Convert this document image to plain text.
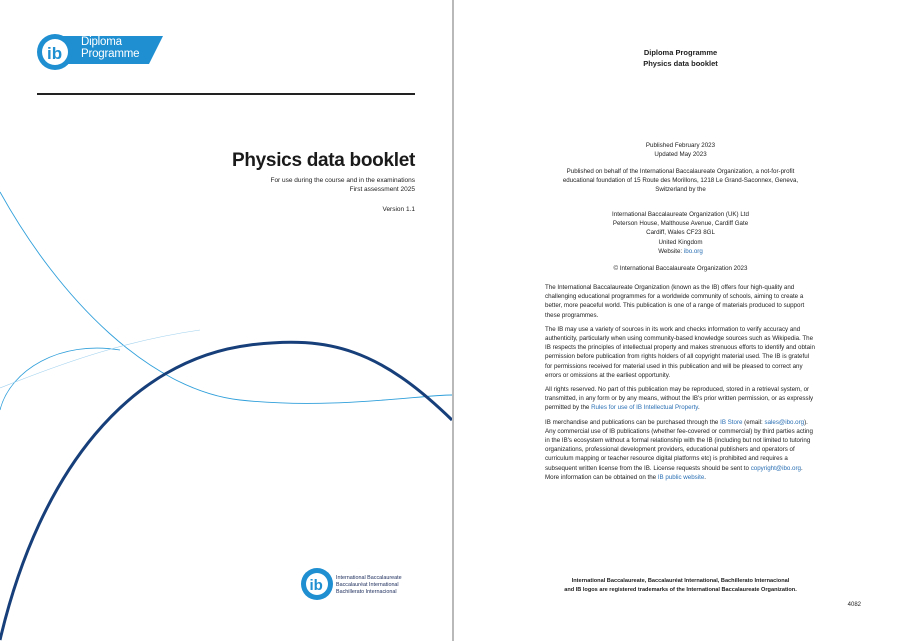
ib
Diploma
Programme
Physics data booklet
For use during the course and in the examinations
First assessment 2025
Version 1.1
ib International Baccalaureate
Baccalauréat International
Bachillerato Internacional
Diploma Programme
Physics data booklet
Published February 2023
Updated May 2023
Published on behalf of the International Baccalaureate Organization, a not-for-profit
educational foundation of 15 Route des Morillons, 1218 Le Grand-Saconnex, Geneva,
Switzerland by the
International Baccalaureate Organization (UK) Ltd
Peterson House, Malthouse Avenue, Cardiff Gate
Cardiff, Wales CF23 8GL
United Kingdom
Website: ibo.org
© International Baccalaureate Organization 2023

The International Baccalaureate Organization (known as the IB) offers four high-quality and challenging educational programmes for a worldwide community of schools, aiming to create a better, more peaceful world. This publication is one of a range of materials produced to support these programmes.

The IB may use a variety of sources in its work and checks information to verify accuracy and authenticity, particularly when using community-based knowledge sources such as Wikipedia. The IB respects the principles of intellectual property and makes strenuous efforts to identify and obtain permission before publication from rights holders of all copyright material used. The IB is grateful for permissions received for material used in this publication and will be pleased to correct any errors or omissions at the earliest opportunity.

All rights reserved. No part of this publication may be reproduced, stored in a retrieval system, or transmitted, in any form or by any means, without the IB's prior written permission, or as expressly permitted by the Rules for use of IB Intellectual Property.

IB merchandise and publications can be purchased through the IB Store (email: sales@ibo.org). Any commercial use of IB publications (whether fee-covered or commercial) by third parties acting in the IB's ecosystem without a formal relationship with the IB (including but not limited to tutoring organizations, professional development providers, educational publishers and operators of curriculum mapping or teacher resource digital platforms etc) is prohibited and requires a subsequent written license from the IB. License requests should be sent to copyright@ibo.org. More information can be obtained on the IB public website.

International Baccalaureate, Baccalauréat International, Bachillerato Internacional
and IB logos are registered trademarks of the International Baccalaureate Organization.
4082
